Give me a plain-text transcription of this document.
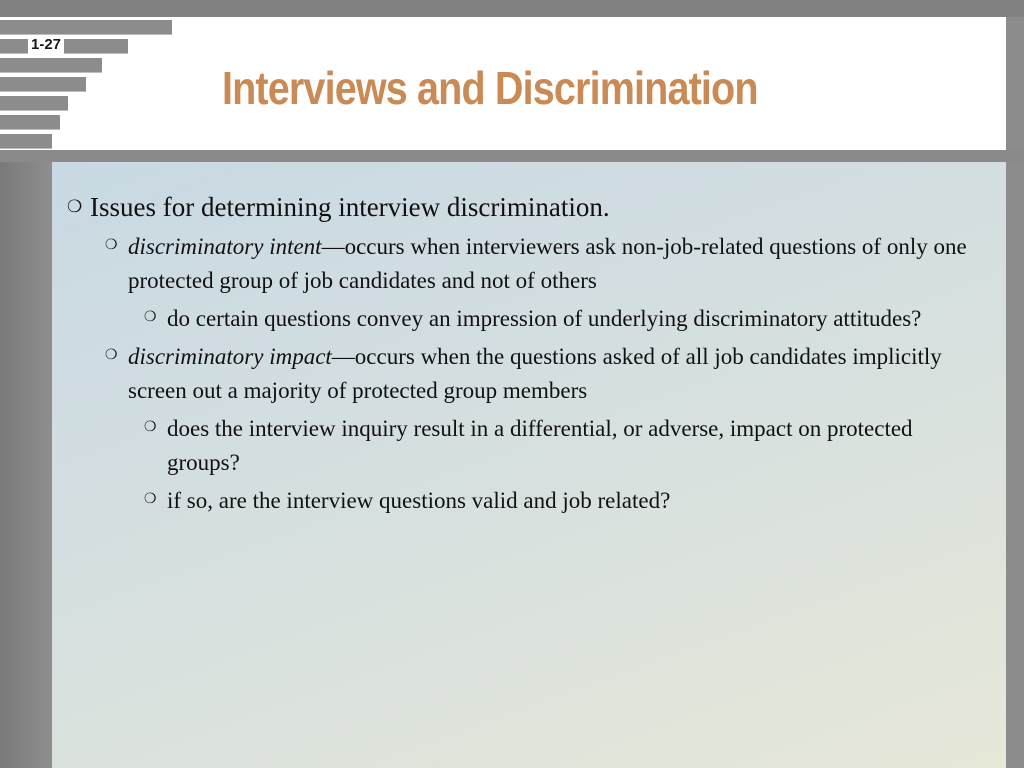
1-27
Interviews and Discrimination
❍ Issues for determining interview discrimination.
❍ discriminatory intent—occurs when interviewers ask non-job-related questions of only one protected group of job candidates and not of others
❍ do certain questions convey an impression of underlying discriminatory attitudes?
❍ discriminatory impact—occurs when the questions asked of all job candidates implicitly screen out a majority of protected group members
❍ does the interview inquiry result in a differential, or adverse, impact on protected groups?
❍ if so, are the interview questions valid and job related?
